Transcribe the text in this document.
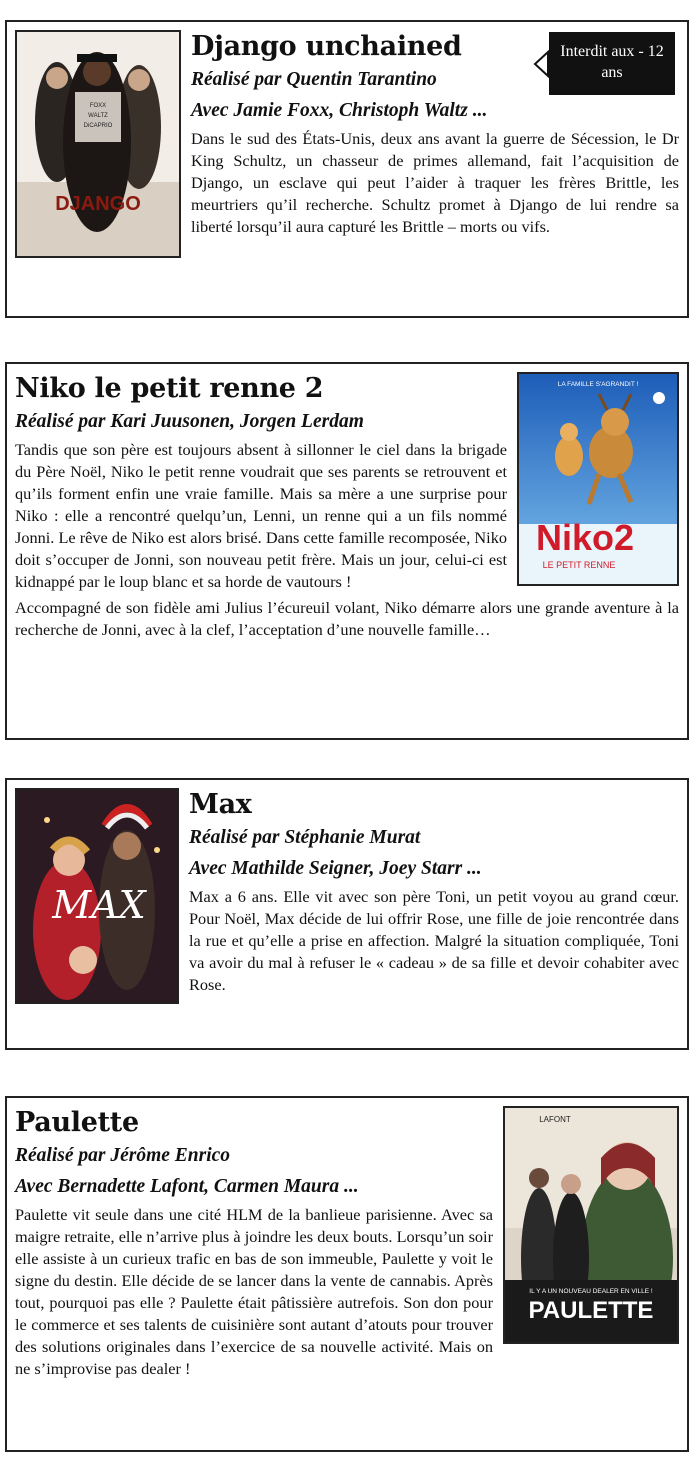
FOXX
WALTZ
DiCAPRIO
DJANGO
Interdit aux - 12 ans
Django unchained

Réalisé par Quentin Tarantino

Avec Jamie Foxx, Christoph Waltz ...

Dans le sud des États-Unis, deux ans avant la guerre de Sécession, le Dr King Schultz, un chasseur de primes allemand, fait l’acquisition de Django, un esclave qui peut l’aider à traquer les frères Brittle, les meurtriers qu’il recherche. Schultz promet à Django de lui rendre sa liberté lorsqu’il aura capturé les Brittle – morts ou vifs.

LA FAMILLE S'AGRANDIT !
Niko2
LE PETIT RENNE
Niko le petit renne 2

Réalisé par Kari Juusonen, Jorgen Lerdam

Tandis que son père est toujours absent à sillonner le ciel dans la brigade du Père Noël, Niko le petit renne voudrait que ses parents se retrouvent et qu’ils forment enfin une vraie famille. Mais sa mère a une surprise pour Niko : elle a rencontré quelqu’un, Lenni, un renne qui a un fils nommé Jonni. Le rêve de Niko est alors brisé. Dans cette famille recomposée, Niko doit s’occuper de Jonni, son nouveau petit frère. Mais un jour, celui-ci est kidnappé par le loup blanc et sa horde de vautours !

Accompagné de son fidèle ami Julius l’écureuil volant, Niko démarre alors une grande aventure à la recherche de Jonni, avec à la clef, l’acceptation d’une nouvelle famille…

MAX
Max

Réalisé par Stéphanie Murat

Avec Mathilde Seigner, Joey Starr ...

Max a 6 ans. Elle vit avec son père Toni, un petit voyou au grand cœur. Pour Noël, Max décide de lui offrir Rose, une fille de joie rencontrée dans la rue et qu’elle a prise en affection. Malgré la situation compliquée, Toni va avoir du mal à refuser le « cadeau » de sa fille et devoir cohabiter avec Rose.

LAFONT
IL Y A UN NOUVEAU DEALER EN VILLE !
PAULETTE
Paulette

Réalisé par Jérôme Enrico

Avec Bernadette Lafont, Carmen Maura ...

Paulette vit seule dans une cité HLM de la banlieue parisienne. Avec sa maigre retraite, elle n’arrive plus à joindre les deux bouts. Lorsqu’un soir elle assiste à un curieux trafic en bas de son immeuble, Paulette y voit le signe du destin. Elle décide de se lancer dans la vente de cannabis. Après tout, pourquoi pas elle ? Paulette était pâtissière autrefois. Son don pour le commerce et ses talents de cuisinière sont autant d’atouts pour trouver des solutions originales dans l’exercice de sa nouvelle activité. Mais on ne s’improvise pas dealer !
